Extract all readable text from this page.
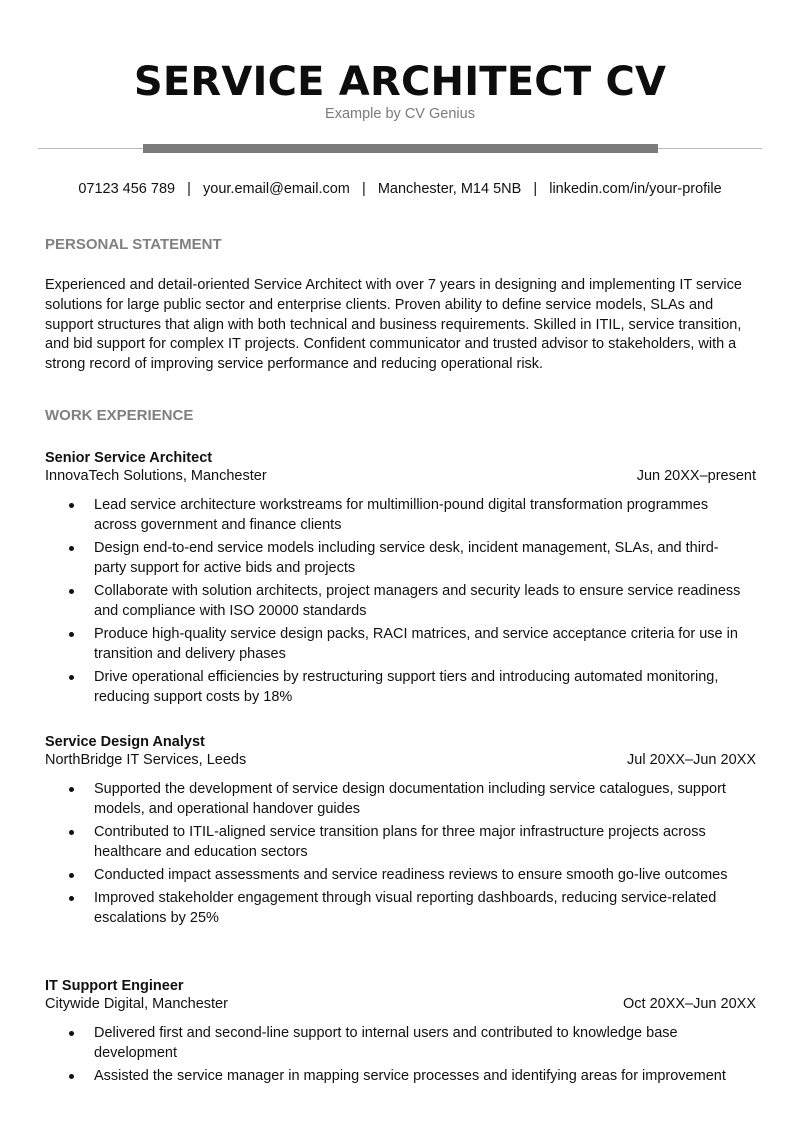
SERVICE ARCHITECT CV
Example by CV Genius
07123 456 789   |   your.email@email.com   |   Manchester, M14 5NB   |   linkedin.com/in/your-profile
PERSONAL STATEMENT
Experienced and detail-oriented Service Architect with over 7 years in designing and implementing IT service solutions for large public sector and enterprise clients. Proven ability to define service models, SLAs and support structures that align with both technical and business requirements. Skilled in ITIL, service transition, and bid support for complex IT projects. Confident communicator and trusted advisor to stakeholders, with a strong record of improving service performance and reducing operational risk.
WORK EXPERIENCE
Senior Service Architect
InnovaTech Solutions, Manchester	Jun 20XX–present
Lead service architecture workstreams for multimillion-pound digital transformation programmes across government and finance clients
Design end-to-end service models including service desk, incident management, SLAs, and third-party support for active bids and projects
Collaborate with solution architects, project managers and security leads to ensure service readiness and compliance with ISO 20000 standards
Produce high-quality service design packs, RACI matrices, and service acceptance criteria for use in transition and delivery phases
Drive operational efficiencies by restructuring support tiers and introducing automated monitoring, reducing support costs by 18%
Service Design Analyst
NorthBridge IT Services, Leeds	Jul 20XX–Jun 20XX
Supported the development of service design documentation including service catalogues, support models, and operational handover guides
Contributed to ITIL-aligned service transition plans for three major infrastructure projects across healthcare and education sectors
Conducted impact assessments and service readiness reviews to ensure smooth go-live outcomes
Improved stakeholder engagement through visual reporting dashboards, reducing service-related escalations by 25%
IT Support Engineer
Citywide Digital, Manchester	Oct 20XX–Jun 20XX
Delivered first and second-line support to internal users and contributed to knowledge base development
Assisted the service manager in mapping service processes and identifying areas for improvement
